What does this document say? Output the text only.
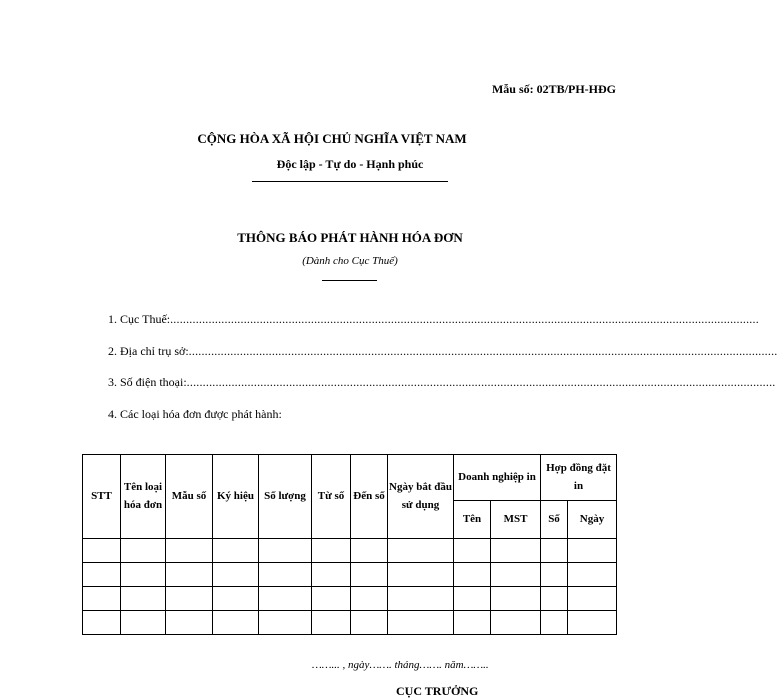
Mẫu số: 02TB/PH-HĐG
CỘNG HÒA XÃ HỘI CHỦ NGHĨA VIỆT NAM
Độc lập - Tự do - Hạnh phúc
THÔNG BÁO PHÁT HÀNH HÓA ĐƠN
(Dành cho Cục Thuế)
1. Cục Thuế: ........................................................................................................................................................................................
2. Địa chỉ trụ sở: ........................................................................................................................................................................................
3. Số điện thoại: ........................................................................................................................................................................................
4. Các loại hóa đơn được phát hành:
STT	Tên loại hóa đơn	Mẫu số	Ký hiệu	Số lượng	Từ số	Đến số	Ngày bắt đầu sử dụng	Doanh nghiệp in		Hợp đồng đặt in	
								Tên	MST	Số	Ngày

……... , ngày……. tháng……. năm……..
CỤC TRƯỞNG
